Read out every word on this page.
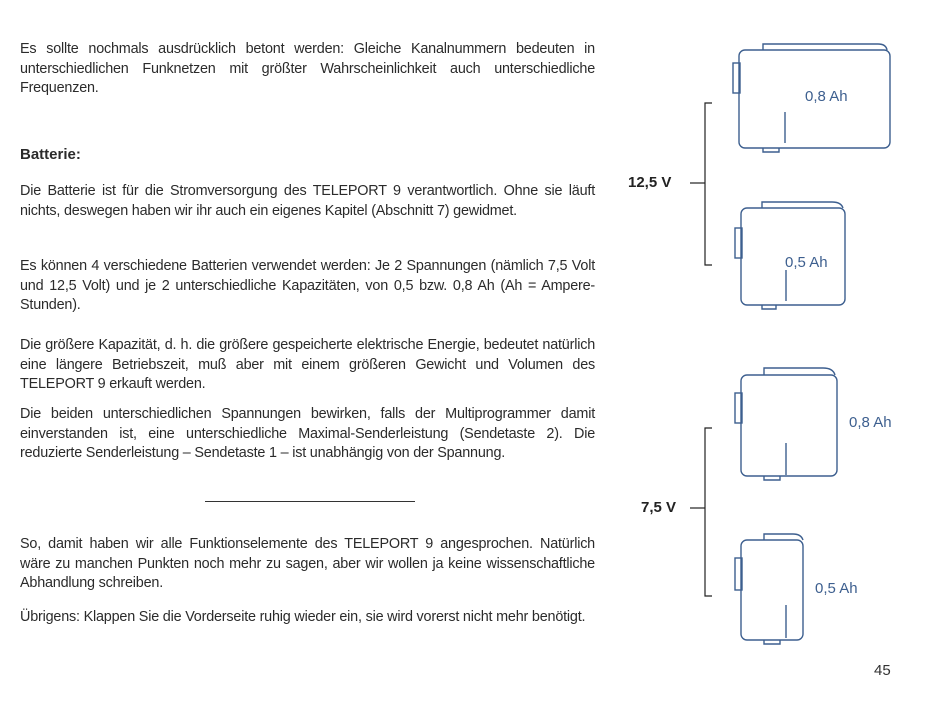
Es sollte nochmals ausdrücklich betont werden: Gleiche Kanalnummern bedeuten in unterschiedlichen Funknetzen mit größter Wahrscheinlichkeit auch unterschiedliche Frequenzen.

Batterie:

Die Batterie ist für die Stromversorgung des TELEPORT 9 verantwortlich. Ohne sie läuft nichts, deswegen haben wir ihr auch ein eigenes Kapitel (Abschnitt 7) gewidmet.

Es können 4 verschiedene Batterien verwendet werden: Je 2 Spannungen (nämlich 7,5 Volt und 12,5 Volt) und je 2 unterschiedliche Kapazitäten, von 0,5 bzw. 0,8 Ah (Ah = Ampere-Stunden).

Die größere Kapazität, d. h. die größere gespeicherte elektrische Energie, bedeutet natürlich eine längere Betriebszeit, muß aber mit einem größeren Gewicht und Volumen des TELEPORT 9 erkauft werden.

Die beiden unterschiedlichen Spannungen bewirken, falls der Multiprogrammer damit einverstanden ist, eine unterschiedliche Maximal-Senderleistung (Sendetaste 2). Die reduzierte Senderleistung – Sendetaste 1 – ist unabhängig von der Spannung.

So, damit haben wir alle Funktionselemente des TELEPORT 9 angesprochen. Natürlich wäre zu manchen Punkten noch mehr zu sagen, aber wir wollen ja keine wissenschaftliche Abhandlung schreiben.

Übrigens: Klappen Sie die Vorderseite ruhig wieder ein, sie wird vorerst nicht mehr benötigt.

12,5 V
7,5 V
0,8 Ah
0,5 Ah
0,8 Ah
0,5 Ah
45
